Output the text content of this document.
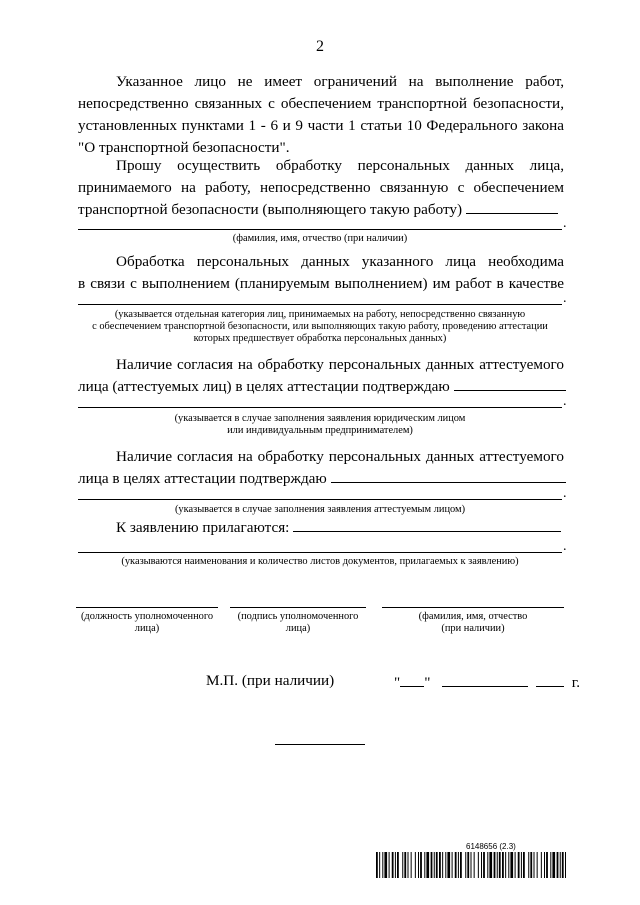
2
Указанное лицо не имеет ограничений на выполнение работ,
непосредственно связанных с обеспечением транспортной безопасности,
установленных пунктами 1 - 6 и 9 части 1 статьи 10 Федерального закона
"О транспортной безопасности".
Прошу осуществить обработку персональных данных лица,
принимаемого на работу, непосредственно связанную с обеспечением
транспортной безопасности (выполняющего такую работу)
.
(фамилия, имя, отчество (при наличии)
Обработка персональных данных указанного лица необходима
в связи с выполнением (планируемым выполнением) им работ в качестве
.
(указывается отдельная категория лиц, принимаемых на работу, непосредственно связанную
с обеспечением транспортной безопасности, или выполняющих такую работу, проведению аттестации
которых предшествует обработка персональных данных)
Наличие согласия на обработку персональных данных аттестуемого
лица (аттестуемых лиц) в целях аттестации подтверждаю
.
(указывается в случае заполнения заявления юридическим лицом
или индивидуальным предпринимателем)
Наличие согласия на обработку персональных данных аттестуемого
лица в целях аттестации подтверждаю
.
(указывается в случае заполнения заявления аттестуемым лицом)
К заявлению прилагаются:
.
(указываются наименования и количество листов документов, прилагаемых к заявлению)
(должность уполномоченного
лица)
(подпись уполномоченного
лица)
(фамилия, имя, отчество
(при наличии)
М.П. (при наличии)	" "	г.
6148656 (2.3)
